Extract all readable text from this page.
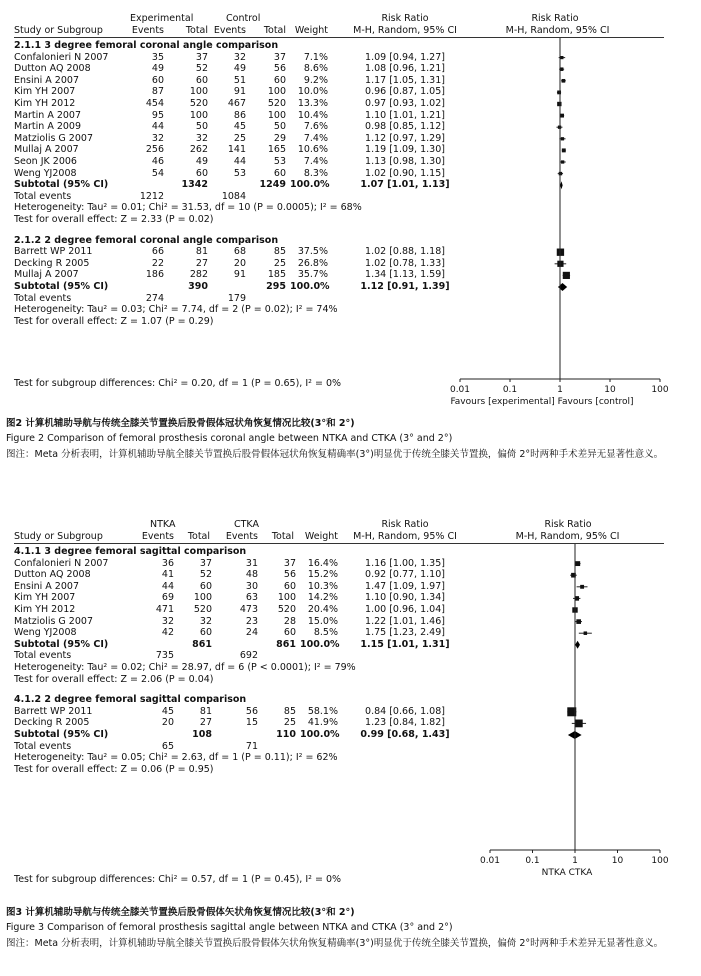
Experimental	Control	Risk Ratio	Risk Ratio
Study or Subgroup	Events	Total Events	Total Weight	M-H, Random, 95% CI	M-H, Random, 95% CI
2.1.1 3 degree femoral coronal angle comparison
Confalonieri N 2007	35	37	32	37	7.1%	1.09 [0.94, 1.27]
Dutton AQ 2008	49	52	49	56	8.6%	1.08 [0.96, 1.21]
Ensini A 2007	60	60	51	60	9.2%	1.17 [1.05, 1.31]
Kim YH 2007	87	100	91	100	10.0%	0.96 [0.87, 1.05]
Kim YH 2012	454	520	467	520	13.3%	0.97 [0.93, 1.02]
Martin A 2007	95	100	86	100	10.4%	1.10 [1.01, 1.21]
Martin A 2009	44	50	45	50	7.6%	0.98 [0.85, 1.12]
Matziolis G 2007	32	32	25	29	7.4%	1.12 [0.97, 1.29]
Mullaj A 2007	256	262	141	165	10.6%	1.19 [1.09, 1.30]
Seon JK 2006	46	49	44	53	7.4%	1.13 [0.98, 1.30]
Weng YJ2008	54	60	53	60	8.3%	1.02 [0.90, 1.15]
Subtotal (95% CI)	1342	1249 100.0%	1.07 [1.01, 1.13]
Total events	1212	1084
Heterogeneity: Tau² = 0.01; Chi² = 31.53, df = 10 (P = 0.0005); I² = 68%
Test for overall effect: Z = 2.33 (P = 0.02)
2.1.2 2 degree femoral coronal angle comparison
Barrett WP 2011	66	81	68	85	37.5%	1.02 [0.88, 1.18]
Decking R 2005	22	27	20	25	26.8%	1.02 [0.78, 1.33]
Mullaj A 2007	186	282	91	185	35.7%	1.34 [1.13, 1.59]
Subtotal (95% CI)	390	295 100.0%	1.12 [0.91, 1.39]
Total events	274	179
Heterogeneity: Tau² = 0.03; Chi² = 7.74, df = 2 (P = 0.02); I² = 74%
Test for overall effect: Z = 1.07 (P = 0.29)
0.01	0.1	1	10	100
Favours [experimental] Favours [control]
Test for subgroup differences: Chi² = 0.20, df = 1 (P = 0.65), I² = 0%
图2 计算机辅助导航与传统全膝关节置换后股骨假体冠状角恢复情况比较(3°和 2°)
Figure 2 Comparison of femoral prosthesis coronal angle between NTKA and CTKA (3° and 2°)
图注：Meta 分析表明，计算机辅助导航全膝关节置换后股骨假体冠状角恢复精确率(3°)明显优于传统全膝关节置换，偏倚 2°时两种手术差异无显著性意义。
NTKA	CTKA	Risk Ratio	Risk Ratio
Study or Subgroup	Events	Total	Events	Total	Weight	M-H, Random, 95% CI	M-H, Random, 95% CI
4.1.1 3 degree femoral sagittal comparison
Confalonieri N 2007	36	37	31	37	16.4%	1.16 [1.00, 1.35]
Dutton AQ 2008	41	52	48	56	15.2%	0.92 [0.77, 1.10]
Ensini A 2007	44	60	30	60	10.3%	1.47 [1.09, 1.97]
Kim YH 2007	69	100	63	100	14.2%	1.10 [0.90, 1.34]
Kim YH 2012	471	520	473	520	20.4%	1.00 [0.96, 1.04]
Matziolis G 2007	32	32	23	28	15.0%	1.22 [1.01, 1.46]
Weng YJ2008	42	60	24	60	8.5%	1.75 [1.23, 2.49]
Subtotal (95% CI)	861	861 100.0%	1.15 [1.01, 1.31]
Total events	735	692
Heterogeneity: Tau² = 0.02; Chi² = 28.97, df = 6 (P < 0.0001); I² = 79%
Test for overall effect: Z = 2.06 (P = 0.04)
4.1.2 2 degree femoral sagittal comparison
Barrett WP 2011	45	81	56	85	58.1%	0.84 [0.66, 1.08]
Decking R 2005	20	27	15	25	41.9%	1.23 [0.84, 1.82]
Subtotal (95% CI)	108	110 100.0%	0.99 [0.68, 1.43]
Total events	65	71
Heterogeneity: Tau² = 0.05; Chi² = 2.63, df = 1 (P = 0.11); I² = 62%
Test for overall effect: Z = 0.06 (P = 0.95)
0.01	0.1	1	10	100
NTKA CTKA
Test for subgroup differences: Chi² = 0.57, df = 1 (P = 0.45), I² = 0%
图3 计算机辅助导航与传统全膝关节置换后股骨假体矢状角恢复情况比较(3°和 2°)
Figure 3 Comparison of femoral prosthesis sagittal angle between NTKA and CTKA (3° and 2°)
图注：Meta 分析表明，计算机辅助导航全膝关节置换后股骨假体矢状角恢复精确率(3°)明显优于传统全膝关节置换，偏倚 2°时两种手术差异无显著性意义。
